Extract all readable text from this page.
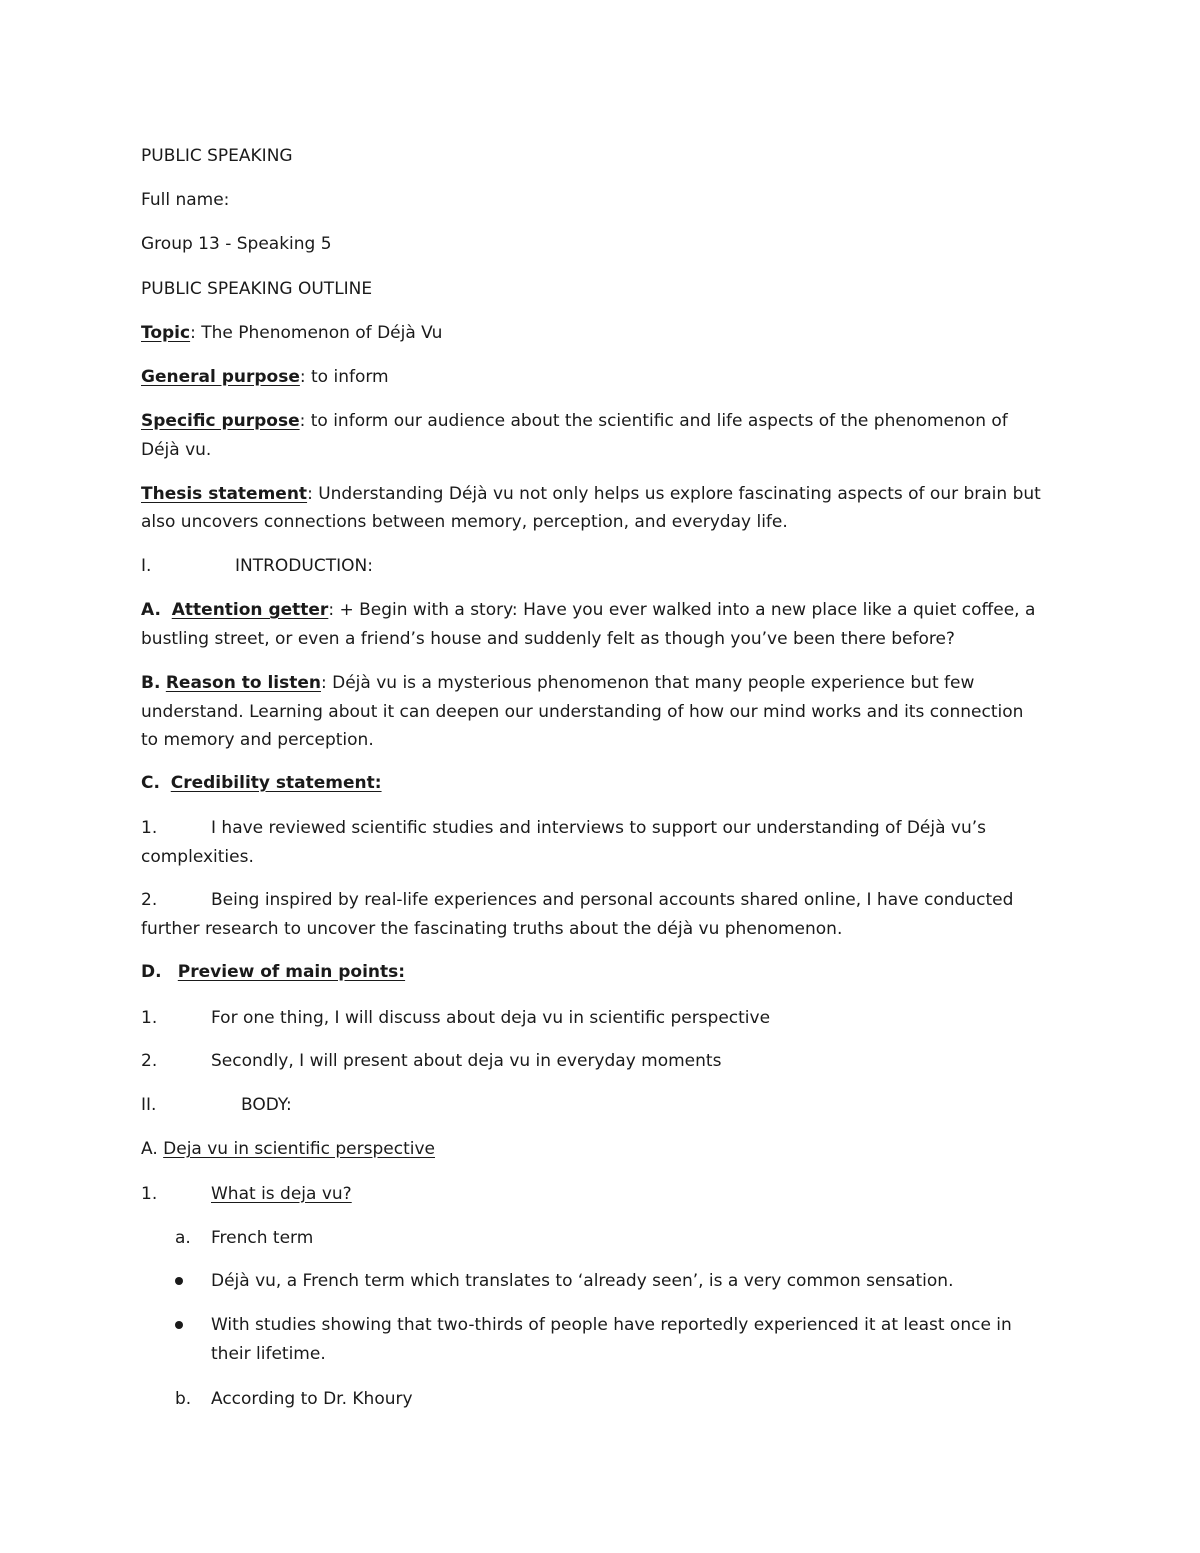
PUBLIC SPEAKING
Full name:
Group 13 - Speaking 5
PUBLIC SPEAKING OUTLINE
Topic: The Phenomenon of Déjà Vu
General purpose: to inform
Specific purpose: to inform our audience about the scientific and life aspects of the phenomenon of
Déjà vu.
Thesis statement: Understanding Déjà vu not only helps us explore fascinating aspects of our brain but
also uncovers connections between memory, perception, and everyday life.
I.	INTRODUCTION:
A. Attention getter: + Begin with a story: Have you ever walked into a new place like a quiet coffee, a
bustling street, or even a friend’s house and suddenly felt as though you’ve been there before?
B. Reason to listen: Déjà vu is a mysterious phenomenon that many people experience but few
understand. Learning about it can deepen our understanding of how our mind works and its connection
to memory and perception.
C. Credibility statement:
1.	I have reviewed scientific studies and interviews to support our understanding of Déjà vu’s
complexities.
2.	Being inspired by real-life experiences and personal accounts shared online, I have conducted
further research to uncover the fascinating truths about the déjà vu phenomenon.
D. Preview of main points:
1.	For one thing, I will discuss about deja vu in scientific perspective
2.	Secondly, I will present about deja vu in everyday moments
II.	BODY:
A. Deja vu in scientific perspective
1.	What is deja vu?
a. French term
Déjà vu, a French term which translates to ‘already seen’, is a very common sensation.
With studies showing that two-thirds of people have reportedly experienced it at least once in
their lifetime.
b. According to Dr. Khoury
